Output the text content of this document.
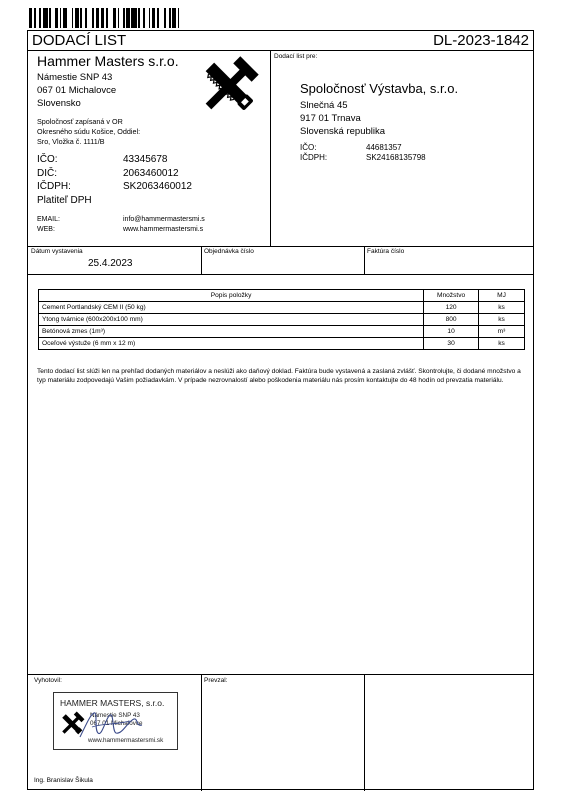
DODACÍ LIST	DL-2023-1842
Hammer Masters s.r.o.
Námestie SNP 43
067 01 Michalovce
Slovensko
Spoločnosť zapísaná v OR
Okresného súdu Košice, Oddiel:
Sro, Vložka č. 1111/B
IČO:	43345678
DIČ:	2063460012
IČDPH:	SK2063460012
Platiteľ DPH
EMAIL:	info@hammermastersmi.s
WEB:	www.hammermastersmi.s
Dodací list pre:
Spoločnosť Výstavba, s.r.o.
Slnečná 45
917 01 Trnava
Slovenská republika
IČO:	44681357
IČDPH:	SK24168135798
Dátum vystavenia
25.4.2023
Objednávka číslo	Faktúra číslo
Popis položky	Množstvo	MJ
Cement Portlandský CEM II (50 kg)	120	ks
Ytong tvárnice (600x200x100 mm)	800	ks
Betónová zmes (1m³)	10	m³
Oceľové výstuže (6 mm x 12 m)	30	ks
Tento dodací list slúži len na prehľad dodaných materiálov a neslúži ako daňový doklad. Faktúra bude vystavená a zaslaná zvlášť. Skontrolujte, či dodané množstvo a typ materiálu zodpovedajú Vašim požiadavkám. V prípade nezrovnalostí alebo poškodenia materiálu nás prosím kontaktujte do 48 hodín od prevzatia materiálu.
Vyhotovil:	Prevzal:
HAMMER MASTERS, s.r.o.
Námestie SNP 43
067 01 Michalovce
www.hammermastersmi.sk
Ing. Branislav Šikula
